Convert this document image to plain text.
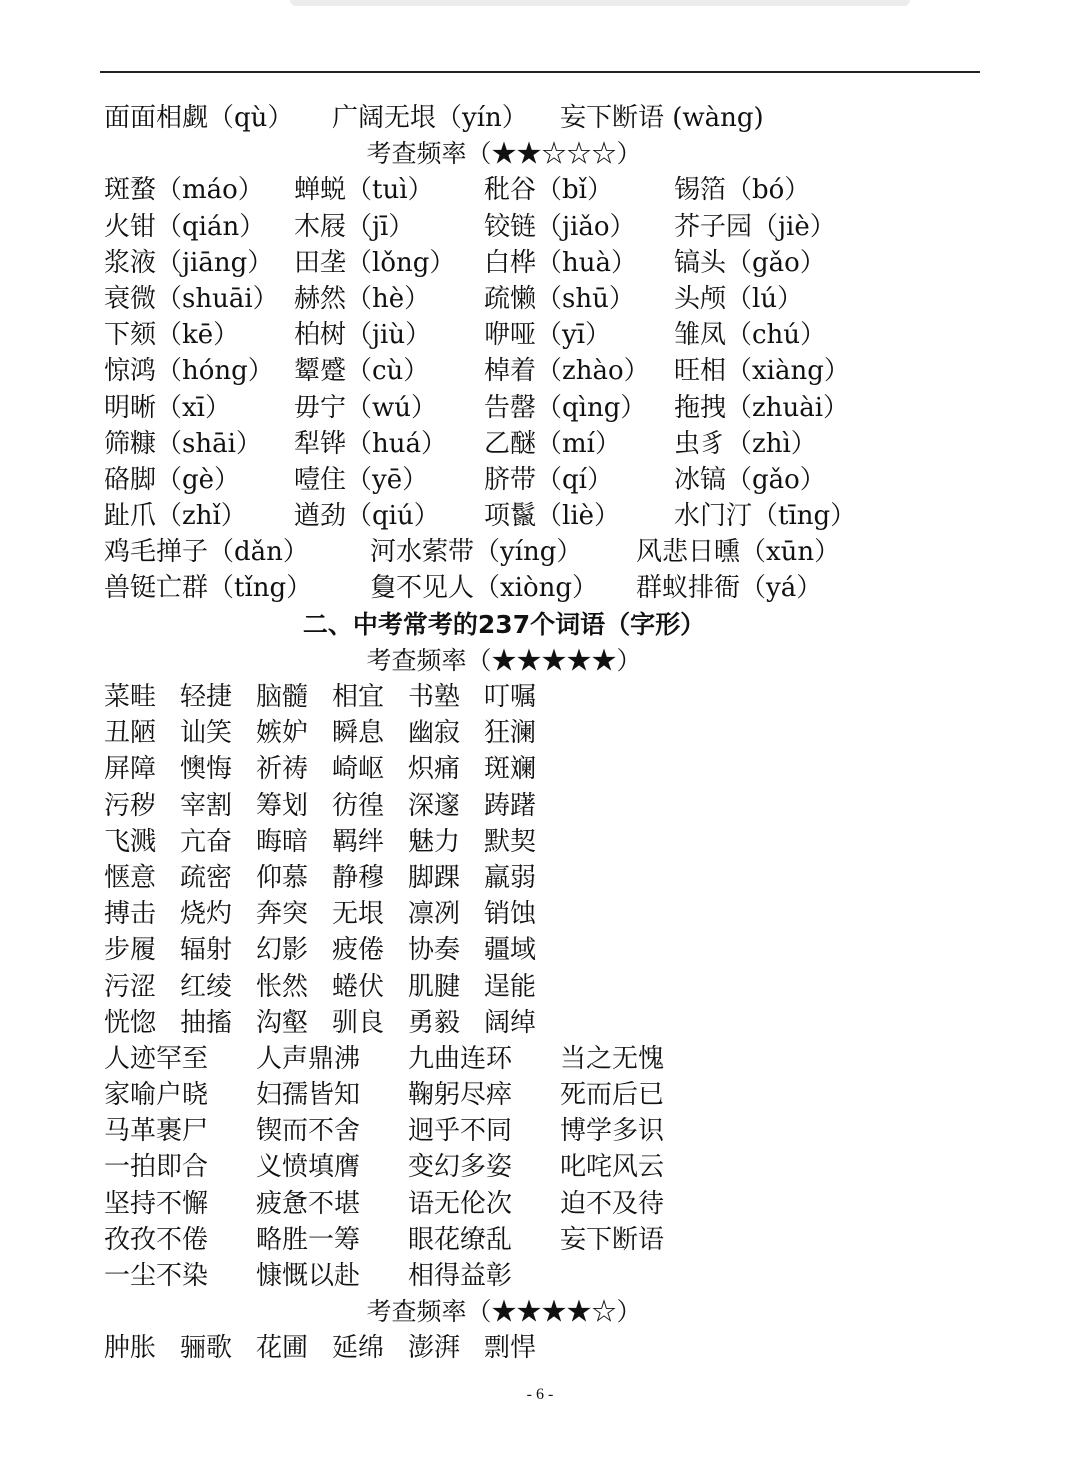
面面相觑（qù） 广阔无垠（yín） 妄下断语 (wàng)
考查频率（★★☆☆☆）
斑蝥（máo） 蝉蜕（tuì） 秕谷（bǐ） 锡箔（bó）
火钳（qián） 木屐（jī）	铰链（jiǎo） 芥子园（jiè）
浆液（jiāng） 田垄（lǒng） 白桦（huà） 镐头（gǎo）
衰微（shuāi） 赫然（hè） 疏懒（shū） 头颅（lú）
下颏（kē） 柏树（jiù） 咿哑（yī） 雏凤（chú）
惊鸿（hóng） 颦蹙（cù） 棹着（zhào） 旺相（xiàng）
明晰（xī） 毋宁（wú） 告罄（qìng） 拖拽（zhuài）
筛糠（shāi） 犁铧（huá） 乙醚（mí） 虫豸（zhì）
硌脚（gè） 噎住（yē） 脐带（qí） 冰镐（gǎo）
趾爪（zhǐ） 遒劲（qiú） 项鬣（liè） 水门汀（tīng）
鸡毛掸子（dǎn） 河水萦带（yíng） 风悲日曛（xūn）
兽铤亡群（tǐng） 敻不见人（xiòng） 群蚁排衙（yá）
二、中考常考的237个词语（字形）
考查频率（★★★★★）
菜畦 轻捷 脑髓 相宜 书塾 叮嘱
丑陋 讪笑 嫉妒 瞬息 幽寂 狂澜
屏障 懊悔 祈祷 崎岖 炽痛 斑斓
污秽 宰割 筹划 彷徨 深邃 踌躇
飞溅 亢奋 晦暗 羁绊 魅力 默契
惬意 疏密 仰慕 静穆 脚踝 羸弱
搏击 烧灼 奔突 无垠 凛冽 销蚀
步履 辐射 幻影 疲倦 协奏 疆域
污涩 红绫 怅然 蜷伏 肌腱 逞能
恍惚 抽搐 沟壑 驯良 勇毅 阔绰
人迹罕至 人声鼎沸 九曲连环 当之无愧
家喻户晓 妇孺皆知 鞠躬尽瘁 死而后已
马革裹尸 锲而不舍 迥乎不同 博学多识
一拍即合 义愤填膺 变幻多姿 叱咤风云
坚持不懈 疲惫不堪 语无伦次 迫不及待
孜孜不倦 略胜一筹 眼花缭乱 妄下断语
一尘不染 慷慨以赴 相得益彰
考查频率（★★★★☆）
肿胀 骊歌 花圃 延绵 澎湃 剽悍
- 6 -
